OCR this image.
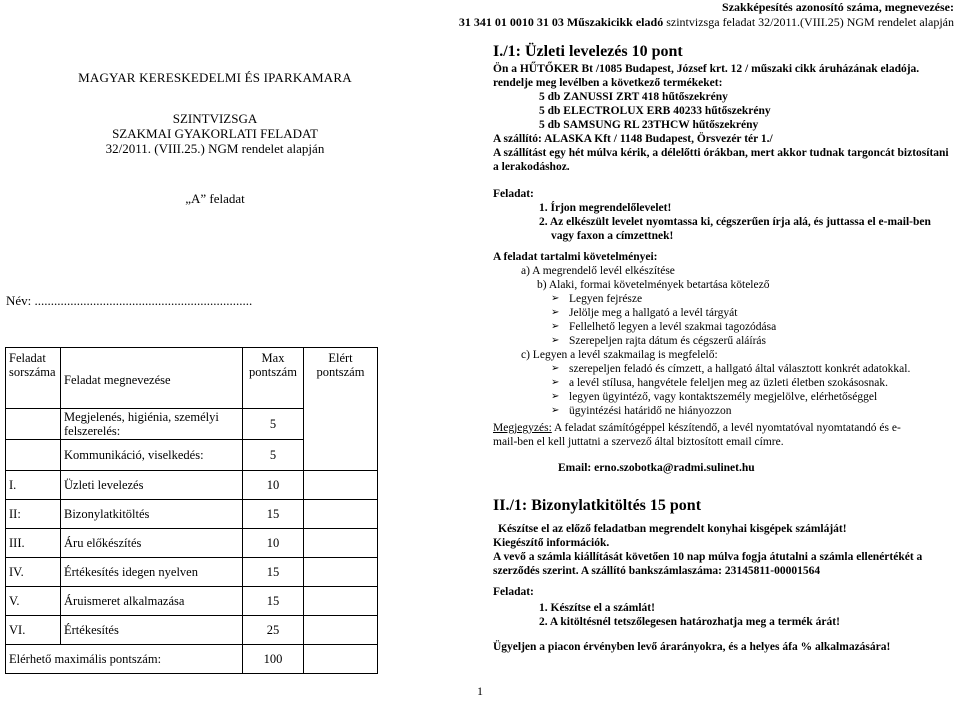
Szakképesítés azonosító száma, megnevezése:
31 341 01 0010 31 03 Műszakicikk eladó szintvizsga feladat 32/2011.(VIII.25) NGM rendelet alapján
MAGYAR KERESKEDELMI ÉS IPARKAMARA
SZINTVIZSGA
SZAKMAI GYAKORLATI FELADAT
32/2011. (VIII.25.) NGM rendelet alapján
„A” feladat
Név: ...................................................................
Feladat sorszáma	Feladat megnevezése	Max pontszám	Elért pontszám
	Megjelenés, higiénia, személyi felszerelés:	5	
	Kommunikáció, viselkedés:	5	
I.	Üzleti levelezés	10	
II:	Bizonylatkitöltés	15	
III.	Áru előkészítés	10	
IV.	Értékesítés idegen nyelven	15	
V.	Áruismeret alkalmazása	15	
VI.	Értékesítés	25	
Elérhető maximális pontszám:		100	
I./1: Üzleti levelezés 10 pont
Ön a HŰTŐKER Bt /1085 Budapest, József krt. 12 / műszaki cikk áruházának eladója.
rendelje meg levélben a következő termékeket:
5 db ZANUSSI ZRT 418 hűtőszekrény
5 db ELECTROLUX ERB 40233 hűtőszekrény
5 db SAMSUNG RL 23THCW hűtőszekrény
A szállító: ALASKA Kft / 1148 Budapest, Örsvezér tér 1./
A szállítást egy hét múlva kérik, a délelőtti órákban, mert akkor tudnak targoncát biztosítani a lerakodáshoz.
Feladat:
1. Írjon megrendelőlevelet!
2. Az elkészült levelet nyomtassa ki, cégszerűen írja alá, és juttassa el e-mail-ben vagy faxon a címzettnek!
A feladat tartalmi követelményei:
a) A megrendelő levél elkészítése
b) Alaki, formai követelmények betartása kötelező
➢ Legyen fejrésze
➢ Jelölje meg a hallgató a levél tárgyát
➢ Fellelhető legyen a levél szakmai tagozódása
➢ Szerepeljen rajta dátum és cégszerű aláírás
c) Legyen a levél szakmailag is megfelelő:
➢ szerepeljen feladó és címzett, a hallgató által választott konkrét adatokkal.
➢ a levél stílusa, hangvétele feleljen meg az üzleti életben szokásosnak.
➢ legyen ügyintéző, vagy kontaktszemély megjelölve, elérhetőséggel
➢ ügyintézési határidő ne hiányozzon
Megjegyzés: A feladat számítógéppel készítendő, a levél nyomtatóval nyomtatandó és e-mail-ben el kell juttatni a szervező által biztosított email címre.
Email: erno.szobotka@radmi.sulinet.hu
II./1: Bizonylatkitöltés 15 pont
Készítse el az előző feladatban megrendelt konyhai kisgépek számláját!
Kiegészítő információk.
A vevő a számla kiállítását követően 10 nap múlva fogja átutalni a számla ellenértékét a szerződés szerint. A szállító bankszámlaszáma: 23145811-00001564
Feladat:
1. Készítse el a számlát!
2. A kitöltésnél tetszőlegesen határozhatja meg a termék árát!
Ügyeljen a piacon érvényben levő árarányokra, és a helyes áfa % alkalmazására!
1
